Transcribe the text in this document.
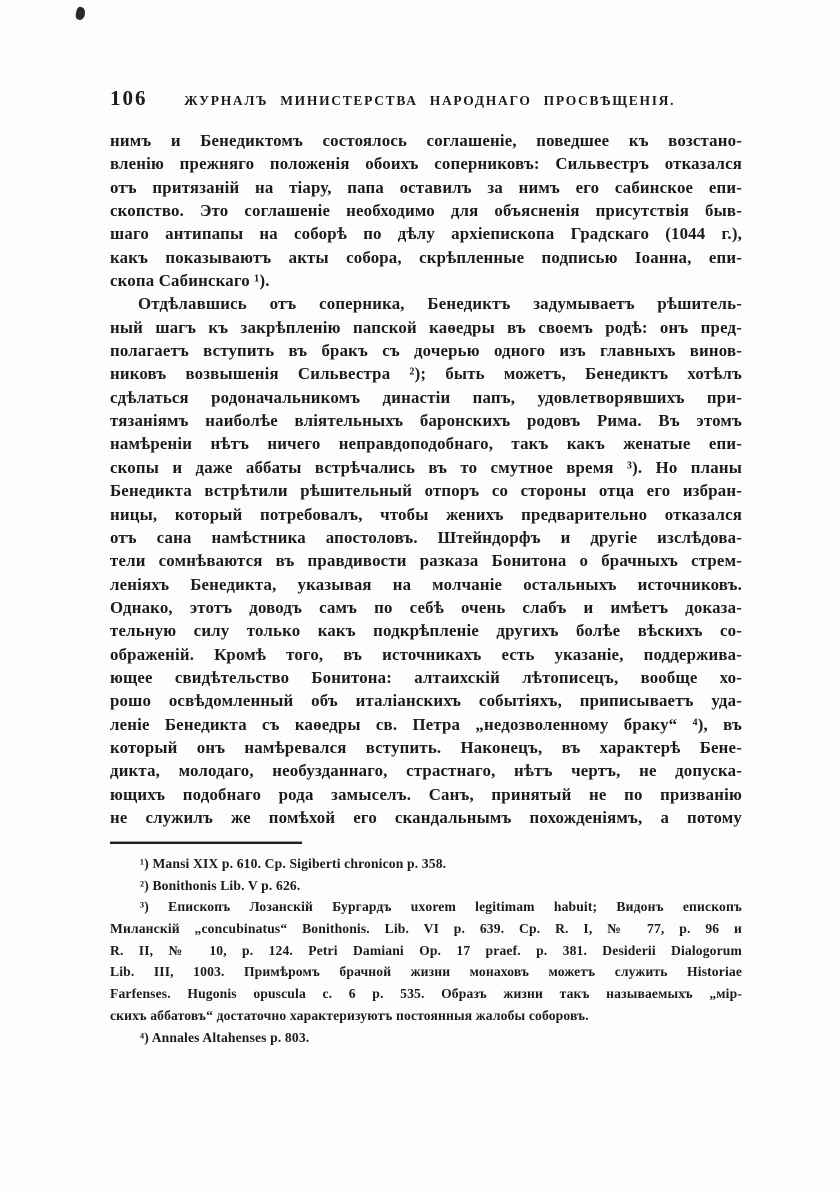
106	ЖУРНАЛЪ МИНИСТЕРСТВА НАРОДНАГО ПРОСВѢЩЕНІЯ.
нимъ и Бенедиктомъ состоялось соглашеніе, поведшее къ возстано-
вленію прежняго положенія обоихъ соперниковъ: Сильвестръ отказался
отъ притязаній на тіару, папа оставилъ за нимъ его сабинское епи-
скопство. Это соглашеніе необходимо для объясненія присутствія быв-
шаго антипапы на соборѣ по дѣлу архіепископа Градскаго (1044 г.),
какъ показываютъ акты собора, скрѣпленные подписью Іоанна, епи-
скопа Сабинскаго ¹).
Отдѣлавшись отъ соперника, Бенедиктъ задумываетъ рѣшитель-
ный шагъ къ закрѣпленію папской каѳедры въ своемъ родѣ: онъ пред-
полагаетъ вступить въ бракъ съ дочерью одного изъ главныхъ винов-
никовъ возвышенія Сильвестра ²); быть можетъ, Бенедиктъ хотѣлъ
сдѣлаться родоначальникомъ династіи папъ, удовлетворявшихъ при-
тязаніямъ наиболѣе вліятельныхъ баронскихъ родовъ Рима. Въ этомъ
намѣреніи нѣтъ ничего неправдоподобнаго, такъ какъ женатые епи-
скопы и даже аббаты встрѣчались въ то смутное время ³). Но планы
Бенедикта встрѣтили рѣшительный отпоръ со стороны отца его избран-
ницы, который потребовалъ, чтобы женихъ предварительно отказался
отъ сана намѣстника апостоловъ. Штейндорфъ и другіе изслѣдова-
тели сомнѣваются въ правдивости разказа Бонитона о брачныхъ стрем-
леніяхъ Бенедикта, указывая на молчаніе остальныхъ источниковъ.
Однако, этотъ доводъ самъ по себѣ очень слабъ и имѣетъ доказа-
тельную силу только какъ подкрѣпленіе другихъ болѣе вѣскихъ со-
ображеній. Кромѣ того, въ источникахъ есть указаніе, поддержива-
ющее свидѣтельство Бонитона: алтаихскій лѣтописецъ, вообще хо-
рошо освѣдомленный объ италіанскихъ событіяхъ, приписываетъ уда-
леніе Бенедикта съ каѳедры св. Петра „недозволенному браку“ ⁴), въ
который онъ намѣревался вступить. Наконецъ, въ характерѣ Бене-
дикта, молодаго, необузданнаго, страстнаго, нѣтъ чертъ, не допуска-
ющихъ подобнаго рода замыселъ. Санъ, принятый не по призванію
не служилъ же помѣхой его скандальнымъ похожденіямъ, а потому
¹) Mansi XIX p. 610. Ср. Sigiberti chronicon p. 358.
²) Bonithonis Lib. V p. 626.
³) Епископъ Лозанскій Бургардъ uxorem legitimam habuit; Видонъ епископъ
Миланскій „concubinatus“ Bonithonis. Lib. VI p. 639. Ср. R. I, № 77, p. 96 и
R. II, № 10, p. 124. Petri Damiani Op. 17 praef. p. 381. Desiderii Dialogorum
Lib. III, 1003. Примѣромъ брачной жизни монаховъ можетъ служить Historiae
Farfenses. Hugonis opuscula c. 6 p. 535. Образъ жизни такъ называемыхъ „мір-
скихъ аббатовъ“ достаточно характеризуютъ постоянныя жалобы соборовъ.
⁴) Annales Altahenses p. 803.
